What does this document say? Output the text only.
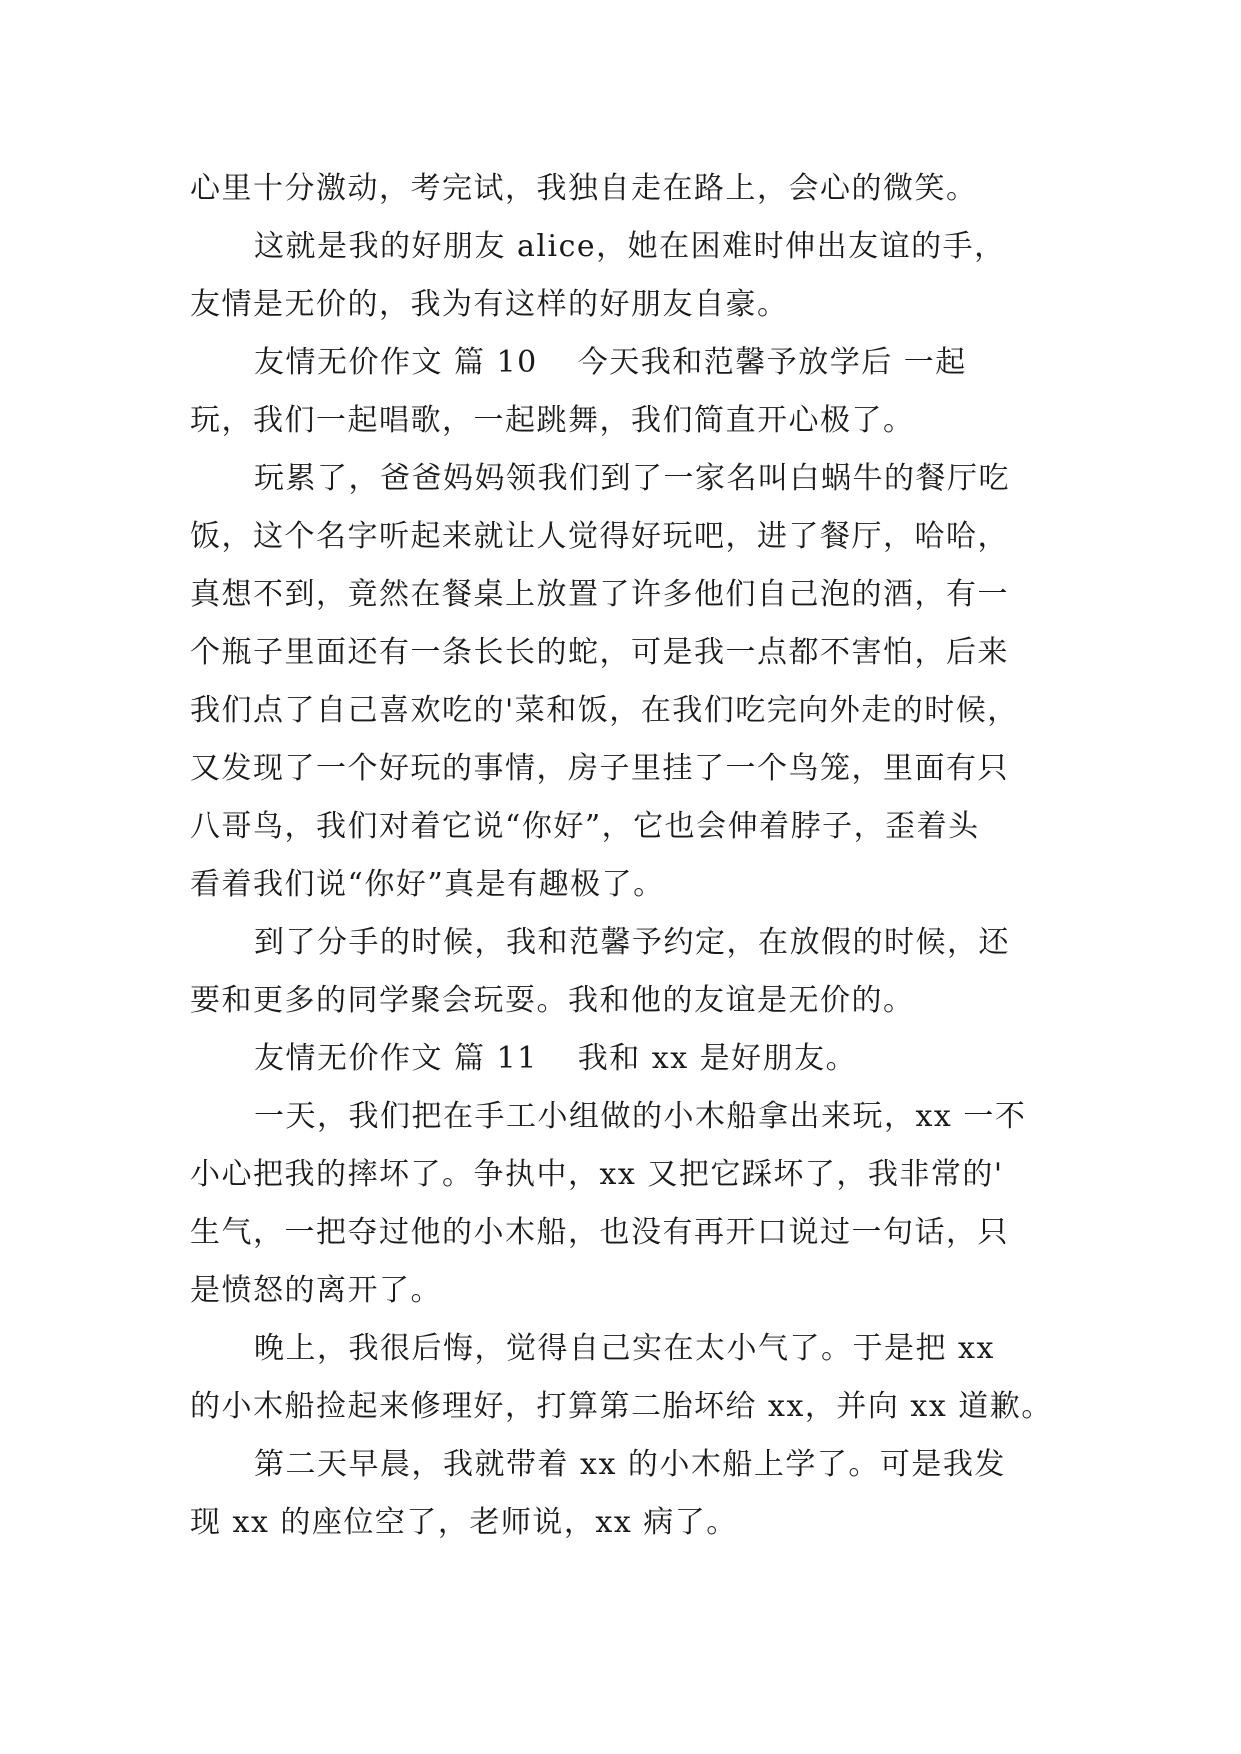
心里十分激动，考完试，我独自走在路上，会心的微笑。
这就是我的好朋友 alice，她在困难时伸出友谊的手，
友情是无价的，我为有这样的好朋友自豪。
友情无价作文 篇 10 今天我和范馨予放学后 一起
玩，我们一起唱歌，一起跳舞，我们简直开心极了。
玩累了，爸爸妈妈领我们到了一家名叫白蜗牛的餐厅吃
饭，这个名字听起来就让人觉得好玩吧，进了餐厅，哈哈，
真想不到，竟然在餐桌上放置了许多他们自己泡的酒，有一
个瓶子里面还有一条长长的蛇，可是我一点都不害怕，后来
我们点了自己喜欢吃的'菜和饭，在我们吃完向外走的时候，
又发现了一个好玩的事情，房子里挂了一个鸟笼，里面有只
八哥鸟，我们对着它说“你好”，它也会伸着脖子，歪着头
看着我们说“你好”真是有趣极了。
到了分手的时候，我和范馨予约定，在放假的时候，还
要和更多的同学聚会玩耍。我和他的友谊是无价的。
友情无价作文 篇 11 我和 xx 是好朋友。
一天，我们把在手工小组做的小木船拿出来玩，xx 一不
小心把我的摔坏了。争执中，xx 又把它踩坏了，我非常的'
生气，一把夺过他的小木船，也没有再开口说过一句话，只
是愤怒的离开了。
晚上，我很后悔，觉得自己实在太小气了。于是把 xx
的小木船捡起来修理好，打算第二胎坏给 xx，并向 xx 道歉。
第二天早晨，我就带着 xx 的小木船上学了。可是我发
现 xx 的座位空了，老师说，xx 病了。
